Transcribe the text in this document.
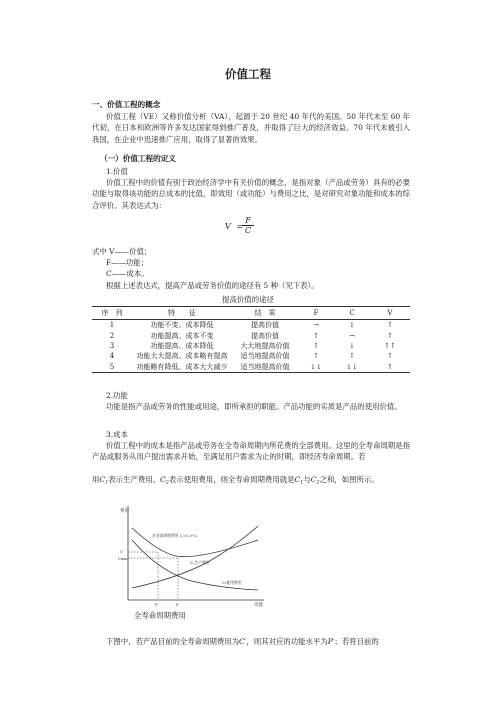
价值工程
一、价值工程的概念

价值工程（VE）又称价值分析（VA），起源于 20 世纪 40 年代的美国。50 年代末至 60 年代初，在日本和欧洲等许多发达国家得到推广普及，并取得了巨大的经济效益。70 年代末被引入我国，在企业中迅速推广应用，取得了显著的效果。

（一）价值工程的定义
1.价值

价值工程中的价值有别于政治经济学中有关价值的概念，是指对象（产品或劳务）具有的必要功能与取得该功能的总成本的比值，即效用（或功能）与费用之比，是对研究对象功能和成本的综合评价。其表达式为：

V =
$\frac{F}{C}$
式中 V——价值；
F——功能；
C——成本。
根据上述表达式，提高产品或劳务价值的途径有 5 种（见下表）。
提高价值的途径
序　列	特　　征	结　果	F	C	V
1	功能不变、成本降低	提高价值	→	↓	↑
2	功能提高、成本不变	提高价值	↑	→	↑
3	功能提高、成本降低	大大地提高价值	↑	↓	↑↑
4	功能大大提高、成本略有提高	适当地提高价值	↑	↑	↑
5	功能略有降低、成本大大减少	适当地提高价值	↓↓	↓↓	↑
2.功能

功能是指产品或劳务的性能或用途，即所承担的职能。产品功能的实质是产品的使用价值。

3.成本

价值工程中的成本是指产品或劳务在全寿命周期内所花费的全部费用。这里的全寿命周期是指产品或服务从用户提出需求开始，至满足用户需求为止的时期，即经济寿命周期。若

用$C_1$表示生产费用、$C_2$表示使用费用，则全寿命周期费用就是$C_1$与$C_2$之和，如图所示。
费用
功能
C′
Cmin
P′	P
全寿命周期费用 C=C₁+C₂
C₁生产费用
C₂使用费用
全寿命周期费用
下图中，若产品目前的全寿命周期费用为C′，则其对应的功能水平为P′；若将目前的
